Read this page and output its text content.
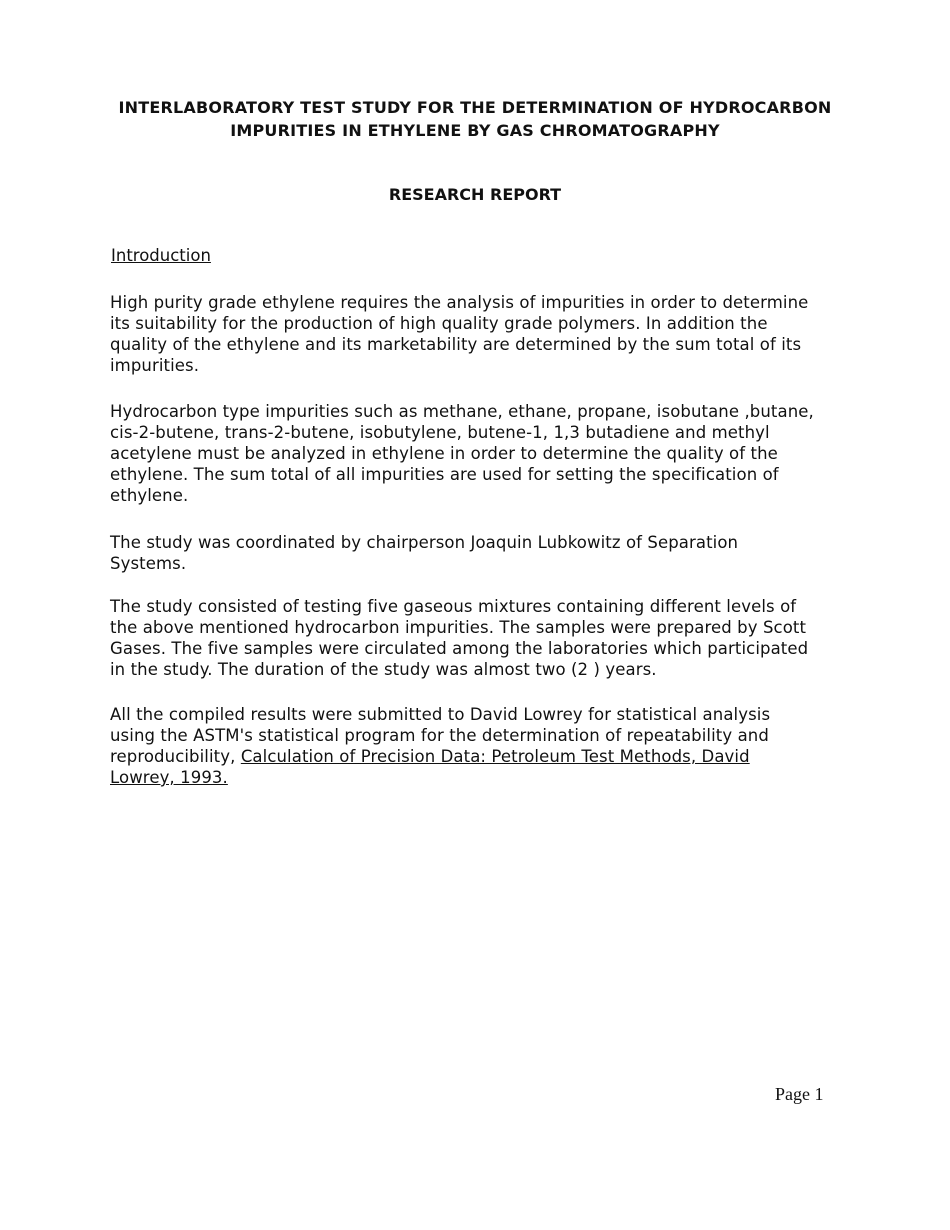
INTERLABORATORY TEST STUDY FOR THE DETERMINATION OF HYDROCARBON
IMPURITIES IN ETHYLENE BY GAS CHROMATOGRAPHY
RESEARCH REPORT
Introduction
High purity grade ethylene requires the analysis of impurities in order to determine
its suitability for the production of high quality grade polymers. In addition the
quality of the ethylene and its marketability are determined by the sum total of its
impurities.
Hydrocarbon type impurities such as methane, ethane, propane, isobutane ,butane,
cis-2-butene, trans-2-butene, isobutylene, butene-1, 1,3 butadiene and methyl
acetylene must be analyzed in ethylene in order to determine the quality of the
ethylene. The sum total of all impurities are used for setting the specification of
ethylene.
The study was coordinated by chairperson Joaquin Lubkowitz of Separation
Systems.
The study consisted of testing five gaseous mixtures containing different levels of
the above mentioned hydrocarbon impurities. The samples were prepared by Scott
Gases. The five samples were circulated among the laboratories which participated
in the study. The duration of the study was almost two (2 ) years.
All the compiled results were submitted to David Lowrey for statistical analysis
using the ASTM's statistical program for the determination of repeatability and
reproducibility, Calculation of Precision Data: Petroleum Test Methods, David
Lowrey, 1993.
Page 1
